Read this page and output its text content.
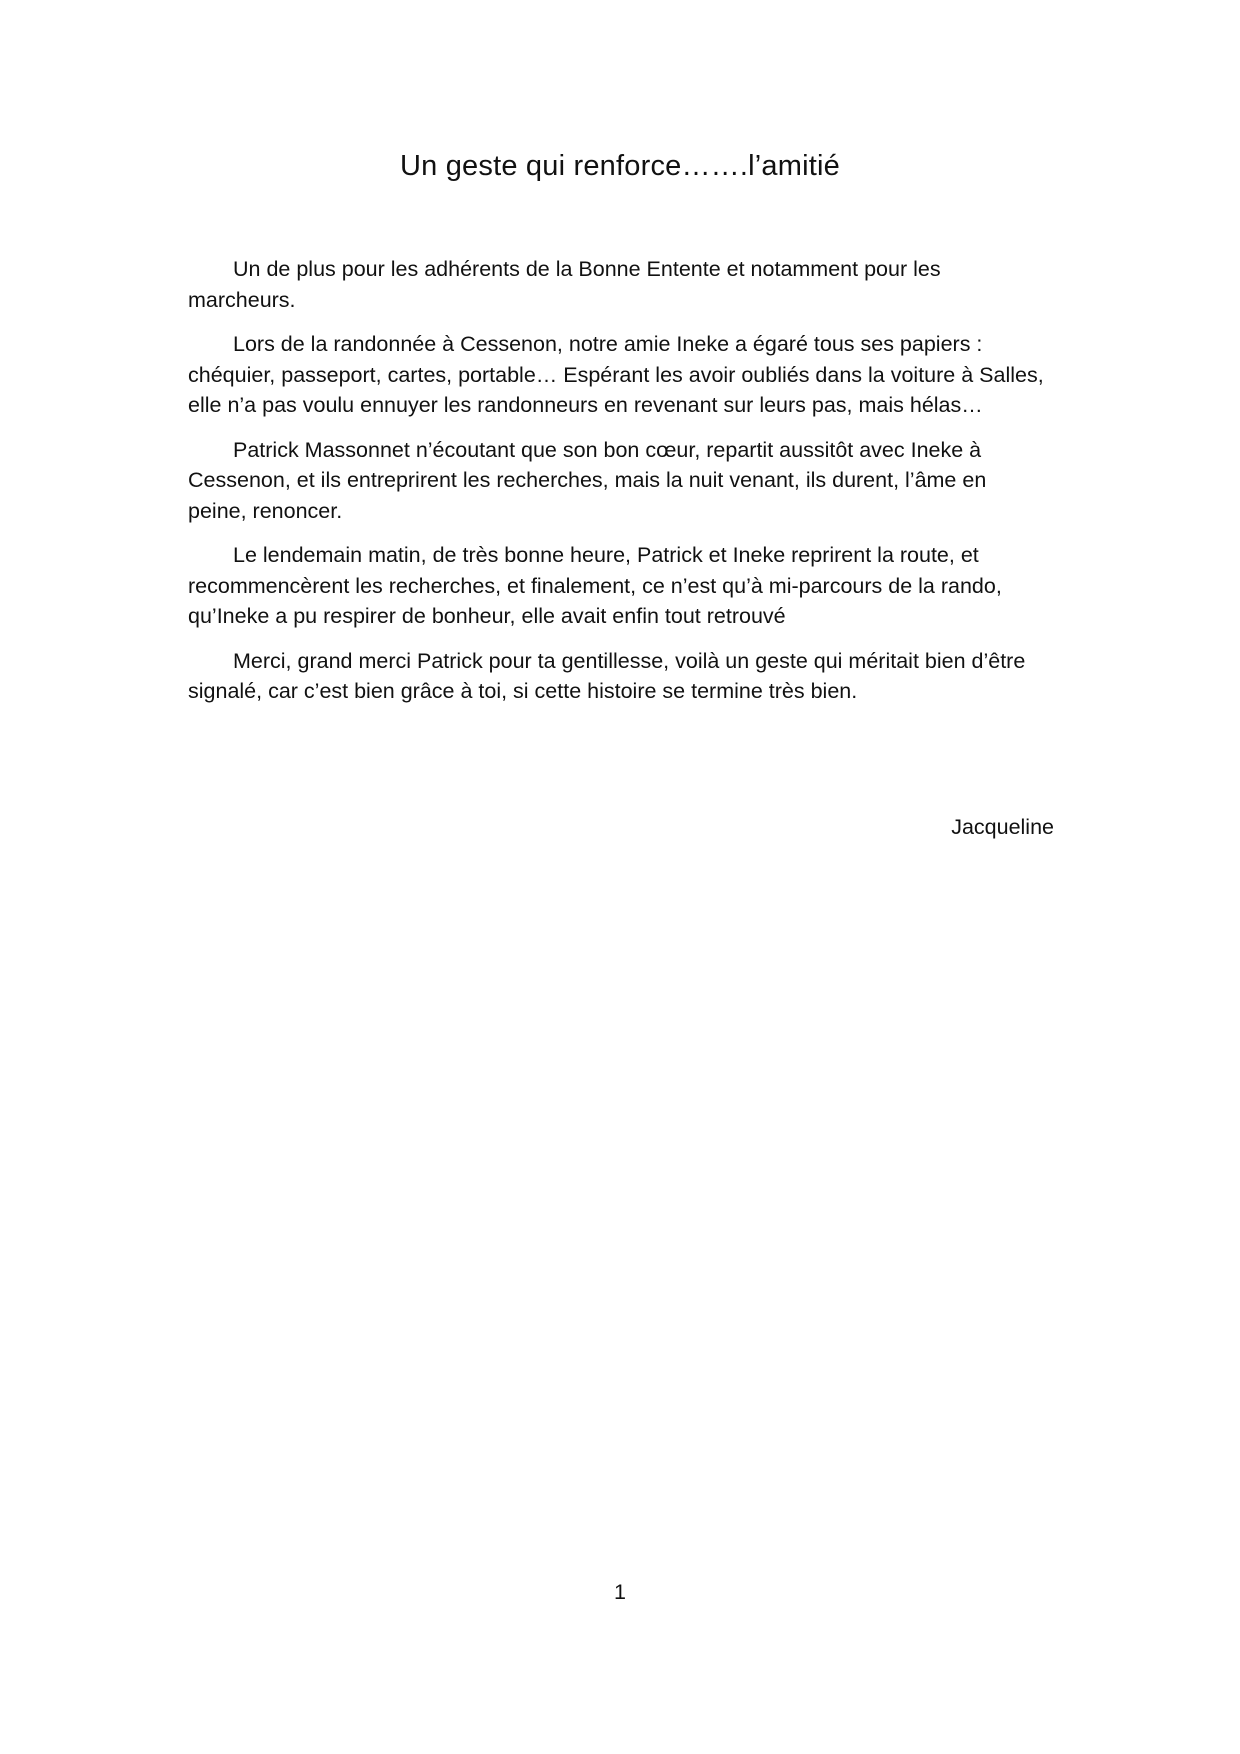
Un geste qui renforce…….l’amitié

Un de plus pour les adhérents de la Bonne Entente et notamment pour les marcheurs.

Lors de la randonnée à Cessenon, notre amie Ineke a égaré tous ses papiers : chéquier, passeport, cartes, portable… Espérant les avoir oubliés dans la voiture à Salles, elle n’a pas voulu ennuyer les randonneurs en revenant sur leurs pas, mais hélas…

Patrick Massonnet n’écoutant que son bon cœur, repartit aussitôt avec Ineke à Cessenon, et ils entreprirent les recherches, mais la nuit venant, ils durent, l’âme en peine, renoncer.

Le lendemain matin, de très bonne heure, Patrick et Ineke reprirent la route, et recommencèrent les recherches, et finalement, ce n’est qu’à mi-parcours de la rando, qu’Ineke a pu respirer de bonheur, elle avait enfin tout retrouvé

Merci, grand merci Patrick pour ta gentillesse, voilà un geste qui méritait bien d’être signalé, car c’est bien grâce à toi, si cette histoire se termine très bien.

Jacqueline

1
